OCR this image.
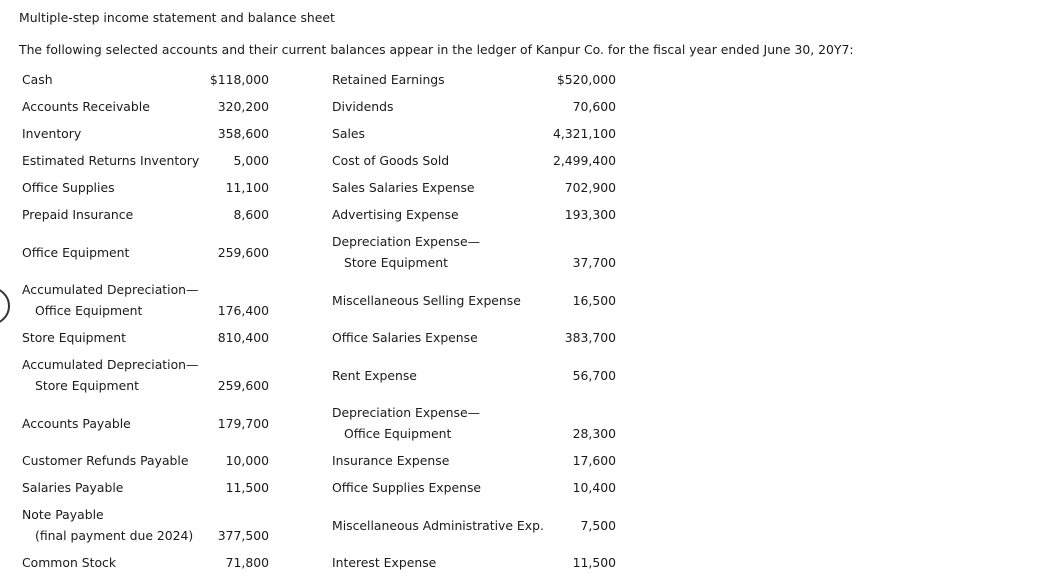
Multiple-step income statement and balance sheet
The following selected accounts and their current balances appear in the ledger of Kanpur Co. for the fiscal year ended June 30, 20Y7:
Cash	$118,000
Accounts Receivable	320,200
Inventory	358,600
Estimated Returns Inventory	5,000
Office Supplies	11,100
Prepaid Insurance	8,600
Office Equipment	259,600
Accumulated Depreciation—
Office Equipment	176,400
Store Equipment	810,400
Accumulated Depreciation—
Store Equipment	259,600
Accounts Payable	179,700
Customer Refunds Payable	10,000
Salaries Payable	11,500
Note Payable
(final payment due 2024) 377,500
Common Stock	71,800
Retained Earnings	$520,000
Dividends	70,600
Sales	4,321,100
Cost of Goods Sold	2,499,400
Sales Salaries Expense	702,900
Advertising Expense	193,300
Depreciation Expense—
Store Equipment	37,700
Miscellaneous Selling Expense	16,500
Office Salaries Expense	383,700
Rent Expense	56,700
Depreciation Expense—
Office Equipment	28,300
Insurance Expense	17,600
Office Supplies Expense	10,400
Miscellaneous Administrative Exp.	7,500
Interest Expense	11,500
